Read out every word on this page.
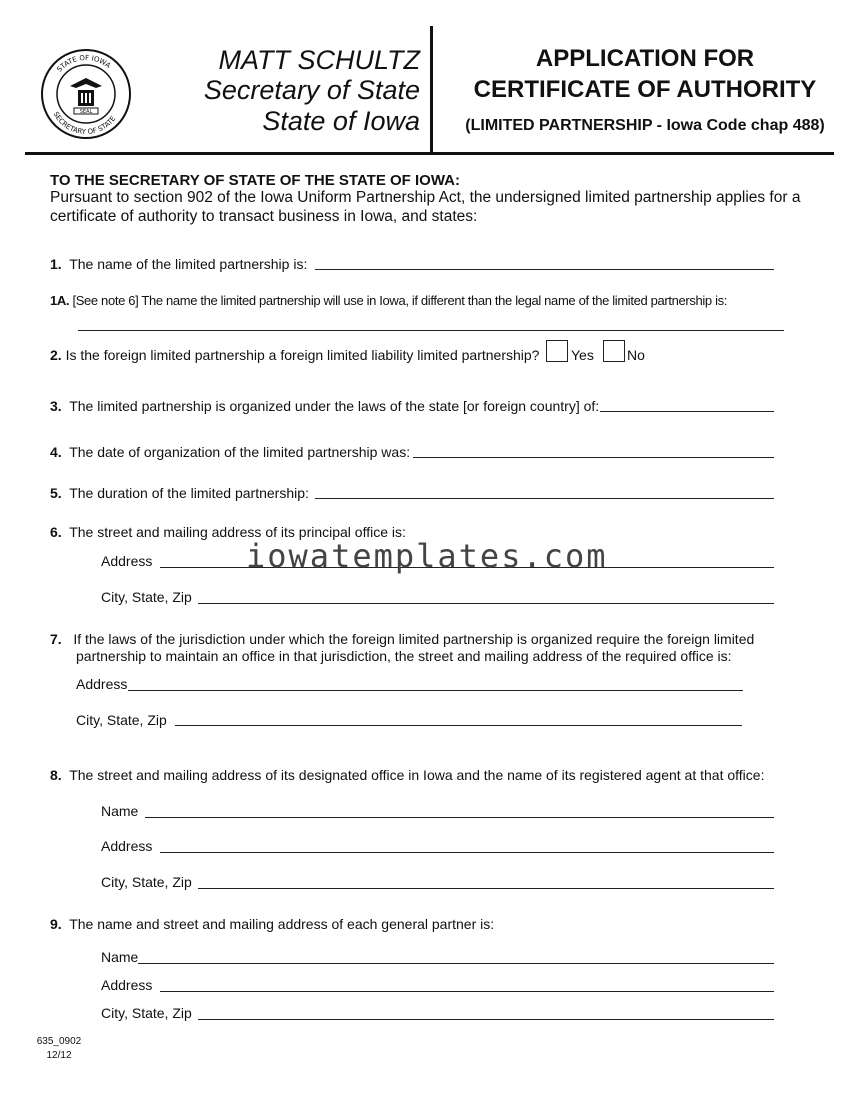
STATE OF IOWA
SECRETARY OF STATE
SEAL
MATT SCHULTZ
Secretary of State
State of Iowa
APPLICATION FOR
CERTIFICATE OF AUTHORITY
(LIMITED PARTNERSHIP - Iowa Code chap 488)
TO THE SECRETARY OF STATE OF THE STATE OF IOWA:
Pursuant to section 902 of the Iowa Uniform Partnership Act, the undersigned limited partnership applies for a
certificate of authority to transact business in Iowa, and states:
1. The name of the limited partnership is:
1A. [See note 6] The name the limited partnership will use in Iowa, if different than the legal name of the limited partnership is:
2. Is the foreign limited partnership a foreign limited liability limited partnership? Yes No
3. The limited partnership is organized under the laws of the state [or foreign country] of:
4. The date of organization of the limited partnership was:
5. The duration of the limited partnership:
6. The street and mailing address of its principal office is:
Address	iowatemplates.com
City, State, Zip
7. If the laws of the jurisdiction under which the foreign limited partnership is organized require the foreign limited
partnership to maintain an office in that jurisdiction, the street and mailing address of the required office is:
Address
City, State, Zip
8. The street and mailing address of its designated office in Iowa and the name of its registered agent at that office:
Name
Address
City, State, Zip
9. The name and street and mailing address of each general partner is:
Name
Address
City, State, Zip
635_0902
12/12
